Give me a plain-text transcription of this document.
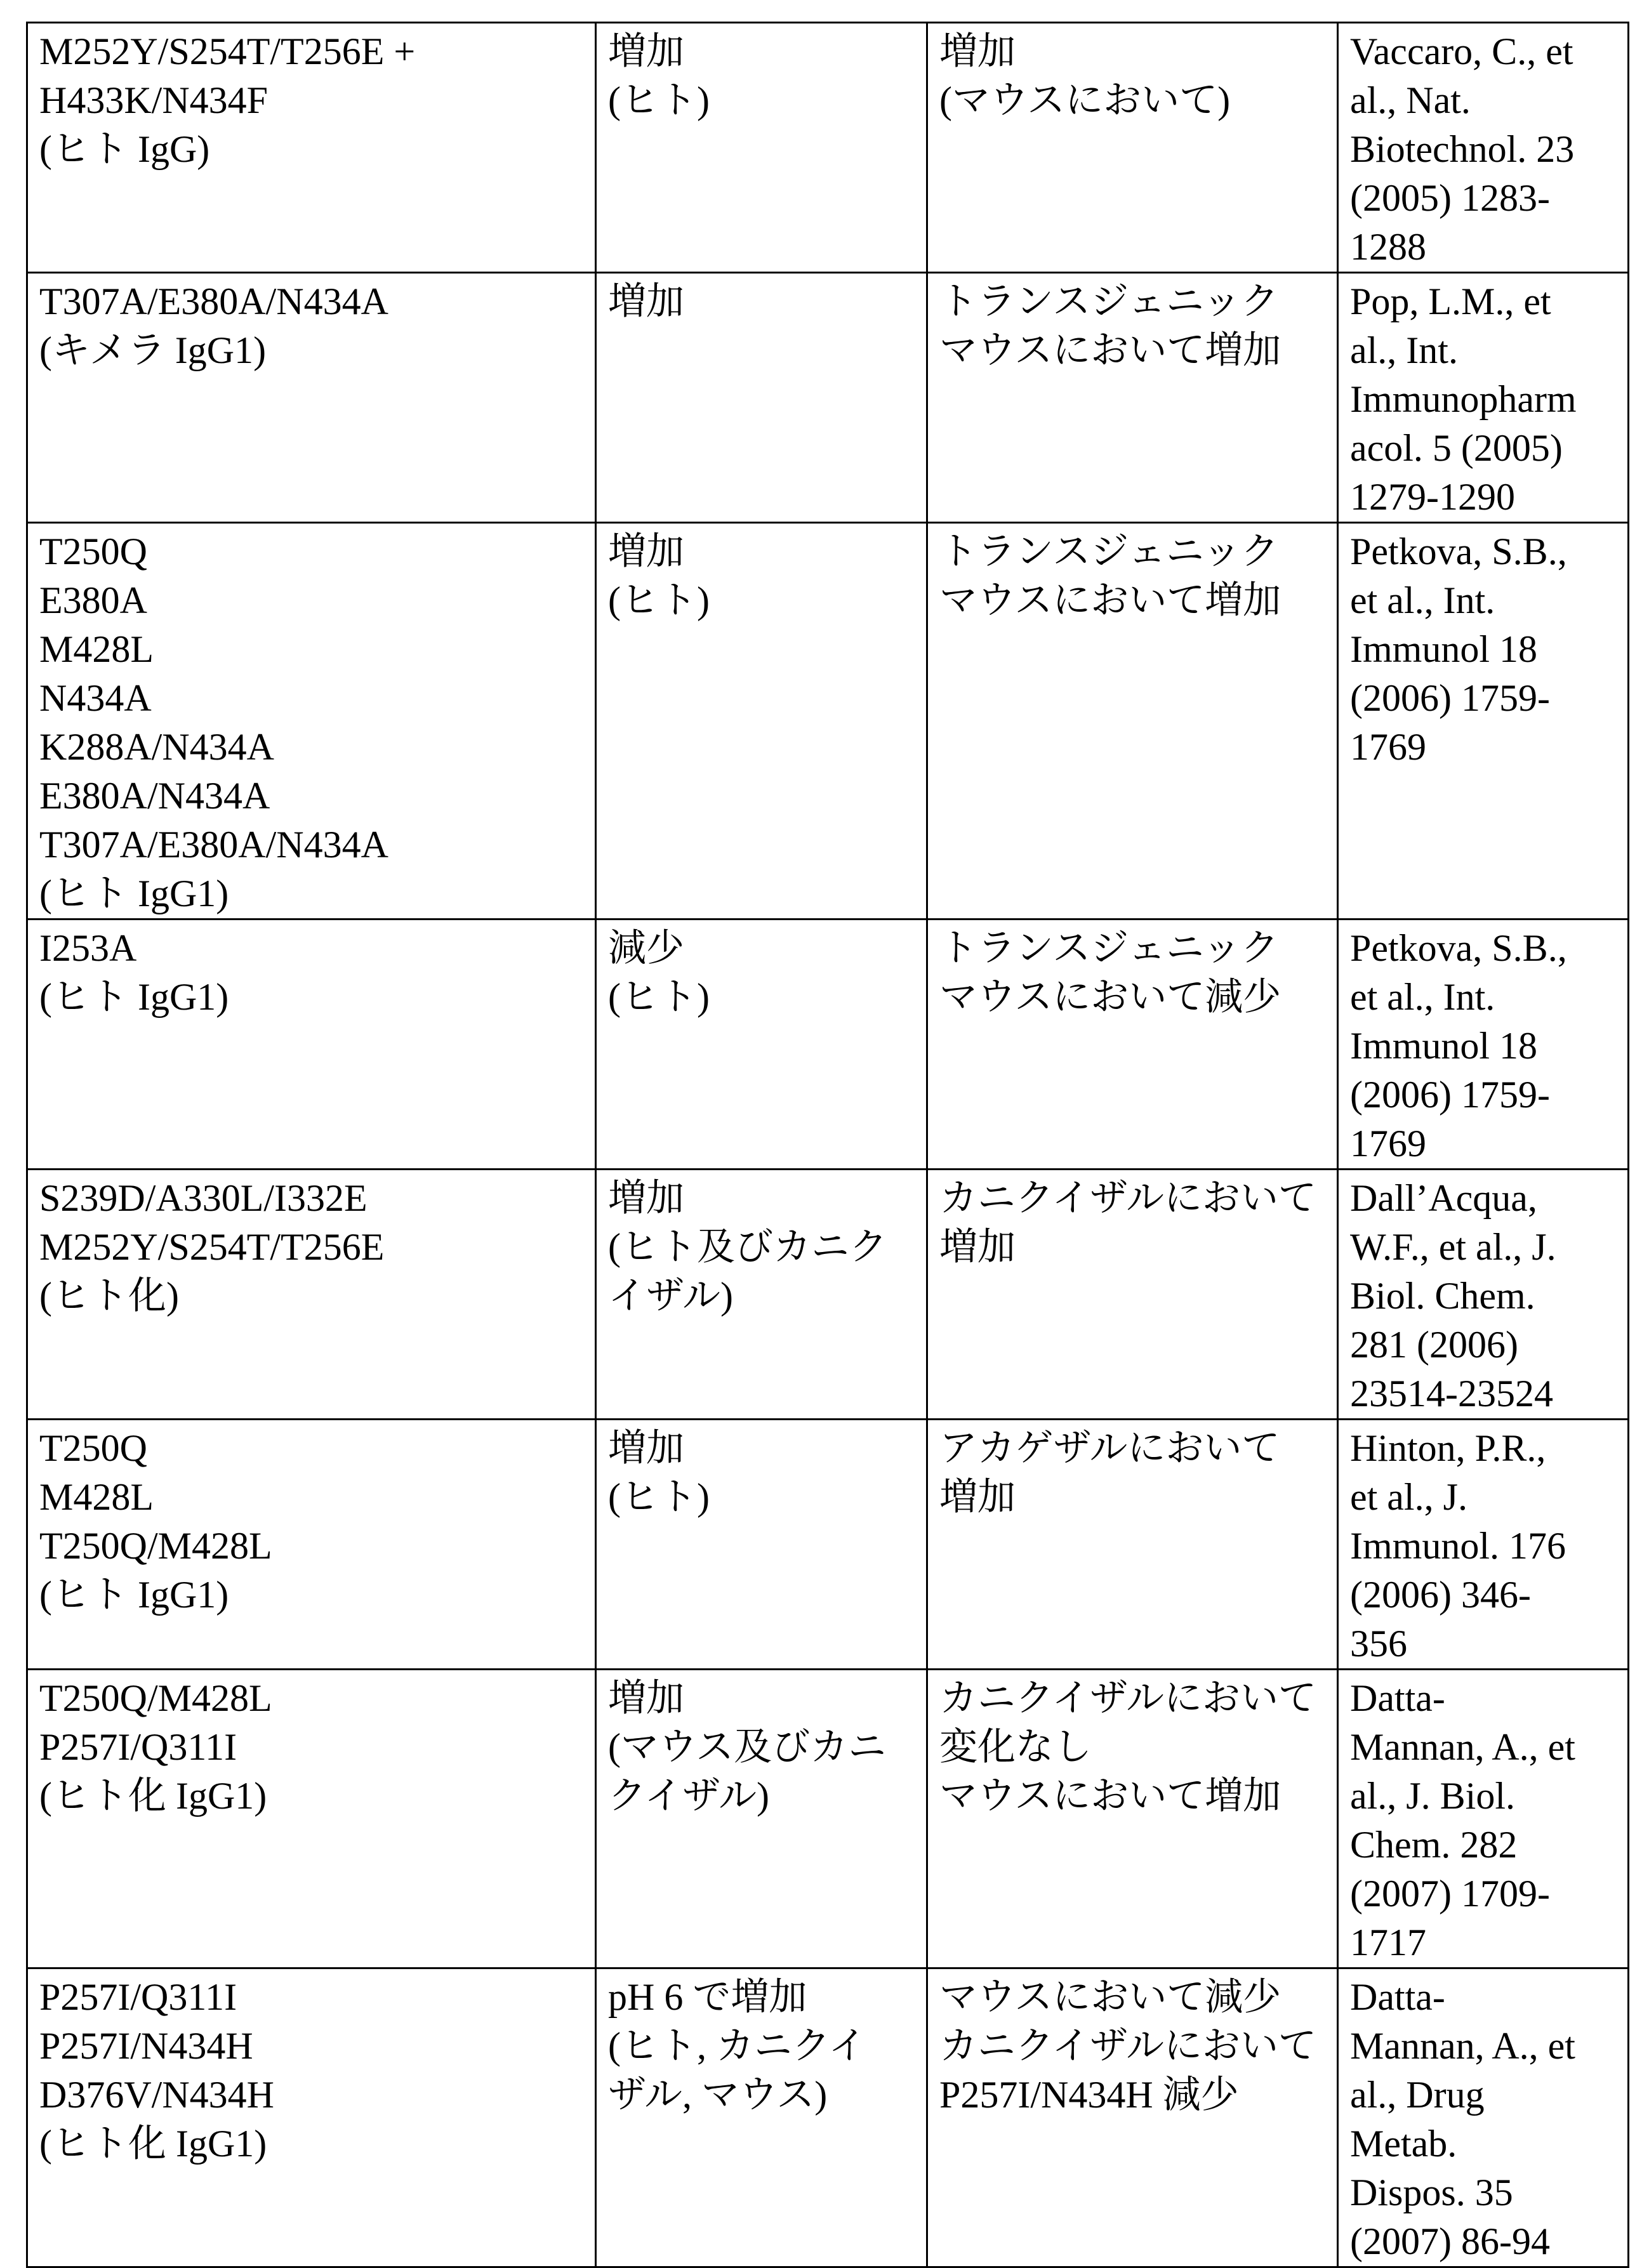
M252Y/S254T/T256E +
H433K/N434F
(ヒト IgG)

増加
(ヒト)

増加
(マウスにおいて)

Vaccaro, C., et
al., Nat.
Biotechnol. 23
(2005) 1283-
1288

T307A/E380A/N434A
(キメラ IgG1)

増加	トランスジェニック
マウスにおいて増加

Pop, L.M., et
al., Int.
Immunopharm
acol. 5 (2005)
1279-1290

T250Q
E380A
M428L
N434A
K288A/N434A
E380A/N434A
T307A/E380A/N434A
(ヒト IgG1)

増加
(ヒト)

トランスジェニック
マウスにおいて増加

Petkova, S.B.,
et al., Int.
Immunol 18
(2006) 1759-
1769

I253A
(ヒト IgG1)

減少
(ヒト)

トランスジェニック
マウスにおいて減少

Petkova, S.B.,
et al., Int.
Immunol 18
(2006) 1759-
1769

S239D/A330L/I332E
M252Y/S254T/T256E
(ヒト化)

増加
(ヒト及びカニク
イザル)

カニクイザルにおいて
増加

Dall’Acqua,
W.F., et al., J.
Biol. Chem.
281 (2006)
23514-23524

T250Q
M428L
T250Q/M428L
(ヒト IgG1)

増加
(ヒト)

アカゲザルにおいて
増加

Hinton, P.R.,
et al., J.
Immunol. 176
(2006) 346-
356

T250Q/M428L
P257I/Q311I
(ヒト化 IgG1)

増加
(マウス及びカニ
クイザル)

カニクイザルにおいて
変化なし
マウスにおいて増加

Datta-
Mannan, A., et
al., J. Biol.
Chem. 282
(2007) 1709-
1717

P257I/Q311I
P257I/N434H
D376V/N434H
(ヒト化 IgG1)

pH 6 で増加
(ヒト, カニクイ
ザル, マウス)

マウスにおいて減少
カニクイザルにおいて
P257I/N434H 減少

Datta-
Mannan, A., et
al., Drug
Metab.
Dispos. 35
(2007) 86-94
